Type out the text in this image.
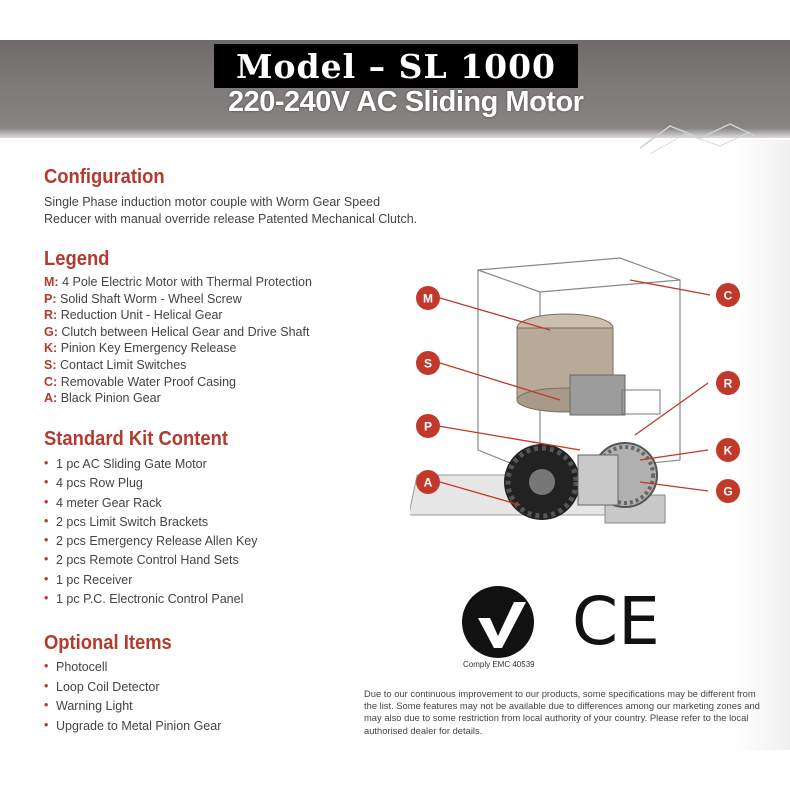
Model – SL 1000
220-240V AC Sliding Motor
Configuration
Single Phase induction motor couple with Worm Gear Speed Reducer with manual override release Patented Mechanical Clutch.
Legend
M: 4 Pole Electric Motor with Thermal Protection
P: Solid Shaft Worm - Wheel Screw
R: Reduction Unit - Helical Gear
G: Clutch between Helical Gear and Drive Shaft
K: Pinion Key Emergency Release
S: Contact Limit Switches
C: Removable Water Proof Casing
A: Black Pinion Gear
Standard Kit Content
• 1 pc AC Sliding Gate Motor
• 4 pcs Row Plug
• 4 meter Gear Rack
• 2 pcs Limit Switch Brackets
• 2 pcs Emergency Release Allen Key
• 2 pcs Remote Control Hand Sets
• 1 pc Receiver
• 1 pc P.C. Electronic Control Panel
Optional Items
• Photocell
• Loop Coil Detector
• Warning Light
• Upgrade to Metal Pinion Gear
M
S
P
A
C
R
K
G
CE
Comply EMC 40539
Due to our continuous improvement to our products, some specifications may be different from the list. Some features may not be available due to differences among our marketing zones and may also due to some restriction from local authority of your country. Please refer to the local authorised dealer for details.
